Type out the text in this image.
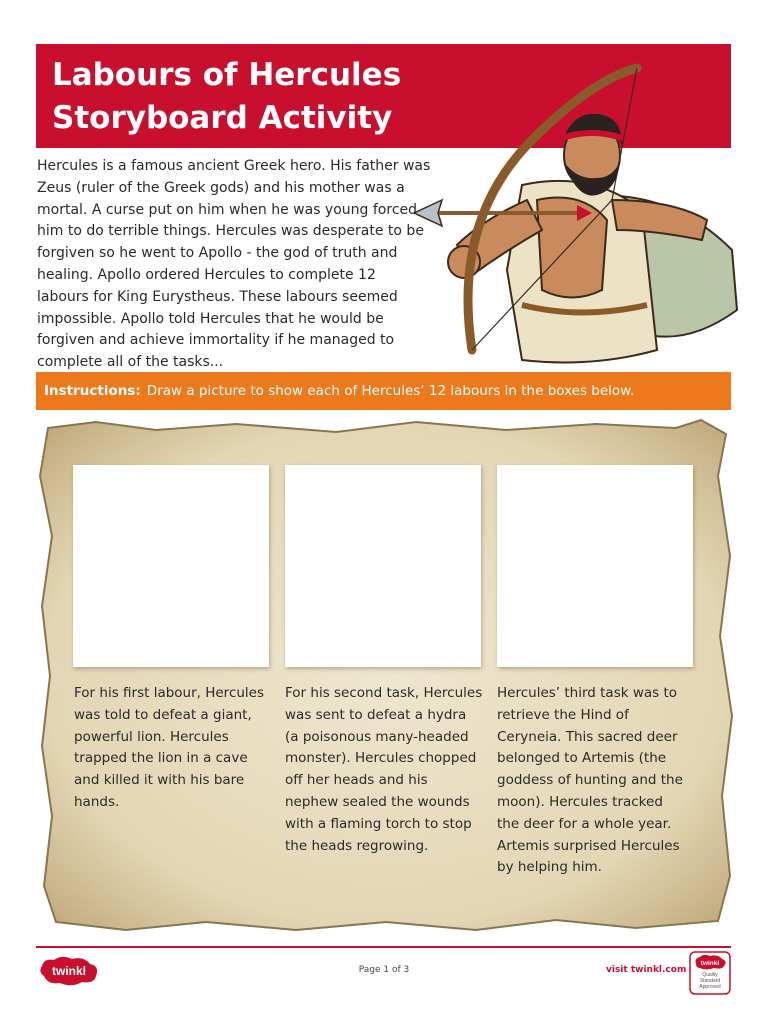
Labours of Hercules
Storyboard Activity

Hercules is a famous ancient Greek hero. His father was Zeus (ruler of the Greek gods) and his mother was a mortal. A curse put on him when he was young forced him to do terrible things. Hercules was desperate to be forgiven so he went to Apollo - the god of truth and healing. Apollo ordered Hercules to complete 12 labours for King Eurystheus. These labours seemed impossible. Apollo told Hercules that he would be forgiven and achieve immortality if he managed to complete all of the tasks...

Instructions: Draw a picture to show each of Hercules’ 12 labours in the boxes below.

For his first labour, Hercules was told to defeat a giant, powerful lion. Hercules trapped the lion in a cave and killed it with his bare hands.

For his second task, Hercules was sent to defeat a hydra (a poisonous many-headed monster). Hercules chopped off her heads and his nephew sealed the wounds with a flaming torch to stop the heads regrowing.

Hercules’ third task was to retrieve the Hind of Ceryneia. This sacred deer belonged to Artemis (the goddess of hunting and the moon). Hercules tracked the deer for a whole year. Artemis surprised Hercules by helping him.

twinkl	Page 1 of 3	visit twinkl.com
twinkl
Quality Standard Approved
